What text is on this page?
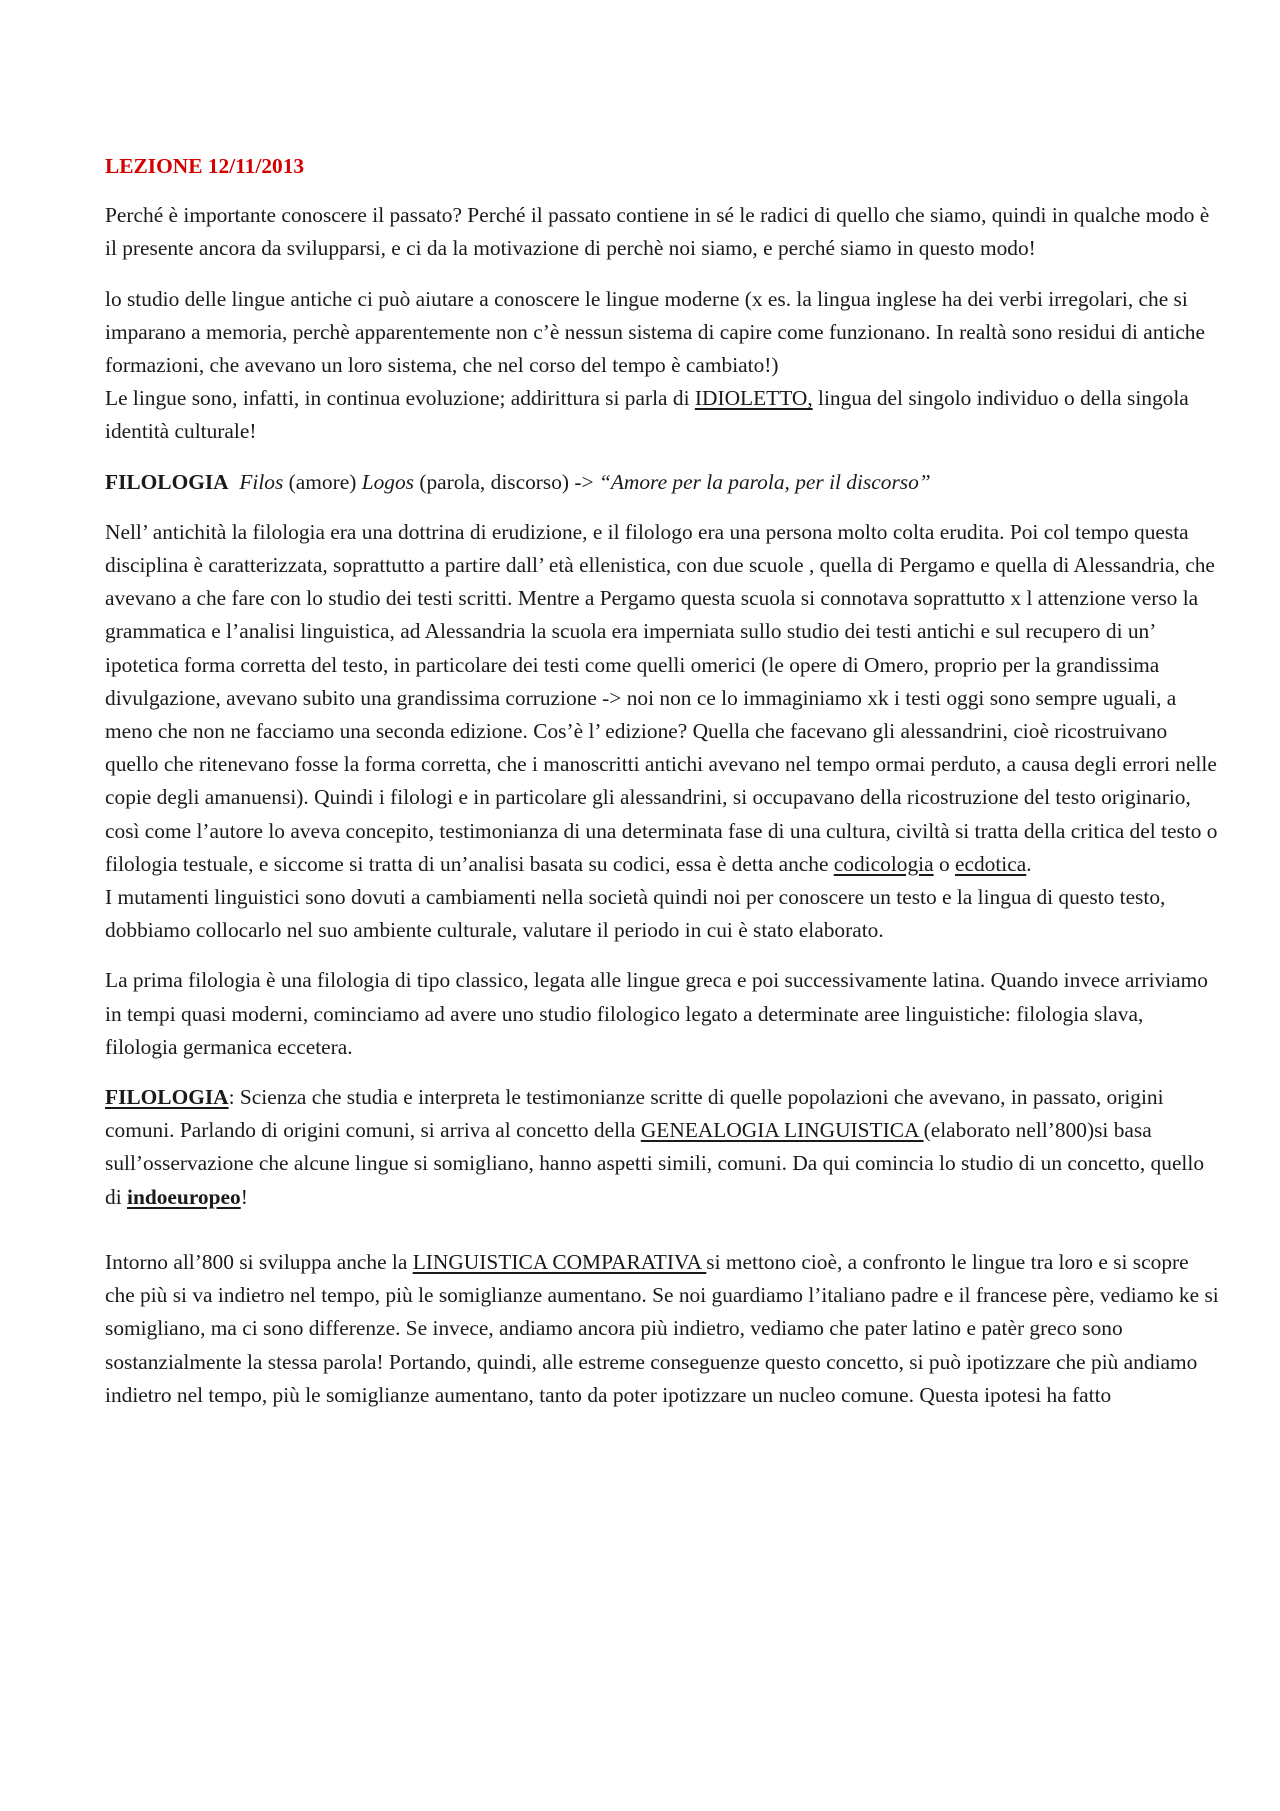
LEZIONE 12/11/2013

Perché è importante conoscere il passato? Perché il passato contiene in sé le radici di quello che siamo, quindi in qualche modo è il presente ancora da svilupparsi, e ci da la motivazione di perchè noi siamo, e perché siamo in questo modo!

lo studio delle lingue antiche ci può aiutare a conoscere le lingue moderne (x es. la lingua inglese ha dei verbi irregolari, che si imparano a memoria, perchè apparentemente non c’è nessun sistema di capire come funzionano. In realtà sono residui di antiche formazioni, che avevano un loro sistema, che nel corso del tempo è cambiato!)

Le lingue sono, infatti, in continua evoluzione; addirittura si parla di IDIOLETTO, lingua del singolo individuo o della singola identità culturale!

FILOLOGIA Filos (amore) Logos (parola, discorso) -> “Amore per la parola, per il discorso”

Nell’ antichità la filologia era una dottrina di erudizione, e il filologo era una persona molto colta erudita. Poi col tempo questa disciplina è caratterizzata, soprattutto a partire dall’ età ellenistica, con due scuole , quella di Pergamo e quella di Alessandria, che avevano a che fare con lo studio dei testi scritti. Mentre a Pergamo questa scuola si connotava soprattutto x l attenzione verso la grammatica e l’analisi linguistica, ad Alessandria la scuola era imperniata sullo studio dei testi antichi e sul recupero di un’ ipotetica forma corretta del testo, in particolare dei testi come quelli omerici (le opere di Omero, proprio per la grandissima divulgazione, avevano subito una grandissima corruzione -> noi non ce lo immaginiamo xk i testi oggi sono sempre uguali, a meno che non ne facciamo una seconda edizione. Cos’è l’ edizione? Quella che facevano gli alessandrini, cioè ricostruivano quello che ritenevano fosse la forma corretta, che i manoscritti antichi avevano nel tempo ormai perduto, a causa degli errori nelle copie degli amanuensi). Quindi i filologi e in particolare gli alessandrini, si occupavano della ricostruzione del testo originario, così come l’autore lo aveva concepito, testimonianza di una determinata fase di una cultura, civiltà si tratta della critica del testo o filologia testuale, e siccome si tratta di un’analisi basata su codici, essa è detta anche codicologia o ecdotica.

I mutamenti linguistici sono dovuti a cambiamenti nella società quindi noi per conoscere un testo e la lingua di questo testo, dobbiamo collocarlo nel suo ambiente culturale, valutare il periodo in cui è stato elaborato.

La prima filologia è una filologia di tipo classico, legata alle lingue greca e poi successivamente latina. Quando invece arriviamo in tempi quasi moderni, cominciamo ad avere uno studio filologico legato a determinate aree linguistiche: filologia slava, filologia germanica eccetera.

FILOLOGIA: Scienza che studia e interpreta le testimonianze scritte di quelle popolazioni che avevano, in passato, origini comuni. Parlando di origini comuni, si arriva al concetto della GENEALOGIA LINGUISTICA (elaborato nell’800)si basa sull’osservazione che alcune lingue si somigliano, hanno aspetti simili, comuni. Da qui comincia lo studio di un concetto, quello di indoeuropeo!

Intorno all’800 si sviluppa anche la LINGUISTICA COMPARATIVA si mettono cioè, a confronto le lingue tra loro e si scopre che più si va indietro nel tempo, più le somiglianze aumentano. Se noi guardiamo l’italiano padre e il francese père, vediamo ke si somigliano, ma ci sono differenze. Se invece, andiamo ancora più indietro, vediamo che pater latino e patèr greco sono sostanzialmente la stessa parola! Portando, quindi, alle estreme conseguenze questo concetto, si può ipotizzare che più andiamo indietro nel tempo, più le somiglianze aumentano, tanto da poter ipotizzare un nucleo comune. Questa ipotesi ha fatto
